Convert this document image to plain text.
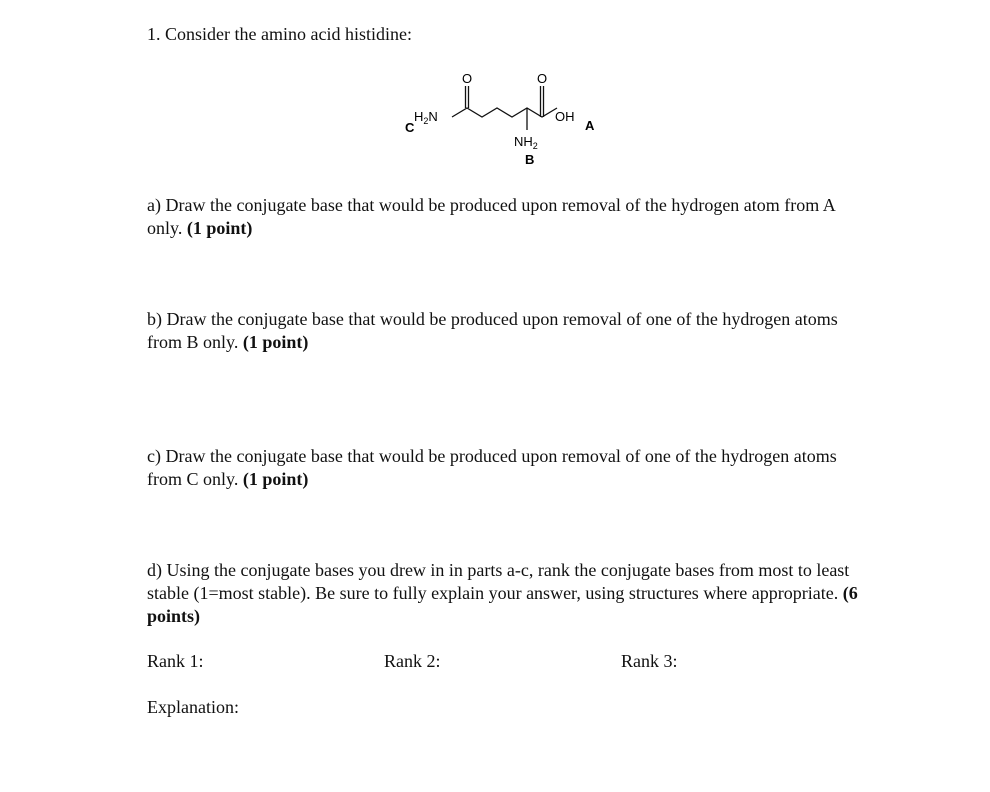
1. Consider the amino acid histidine:
O	O
$H_2N$	OH
$NH_2$
A
B
C
a) Draw the conjugate base that would be produced upon removal of the hydrogen atom from A only. (1 point)
b) Draw the conjugate base that would be produced upon removal of one of the hydrogen atoms from B only. (1 point)
c) Draw the conjugate base that would be produced upon removal of one of the hydrogen atoms from C only. (1 point)
d) Using the conjugate bases you drew in in parts a-c, rank the conjugate bases from most to least stable (1=most stable). Be sure to fully explain your answer, using structures where appropriate. (6 points)
Rank 1:	Rank 2:	Rank 3:
Explanation:
